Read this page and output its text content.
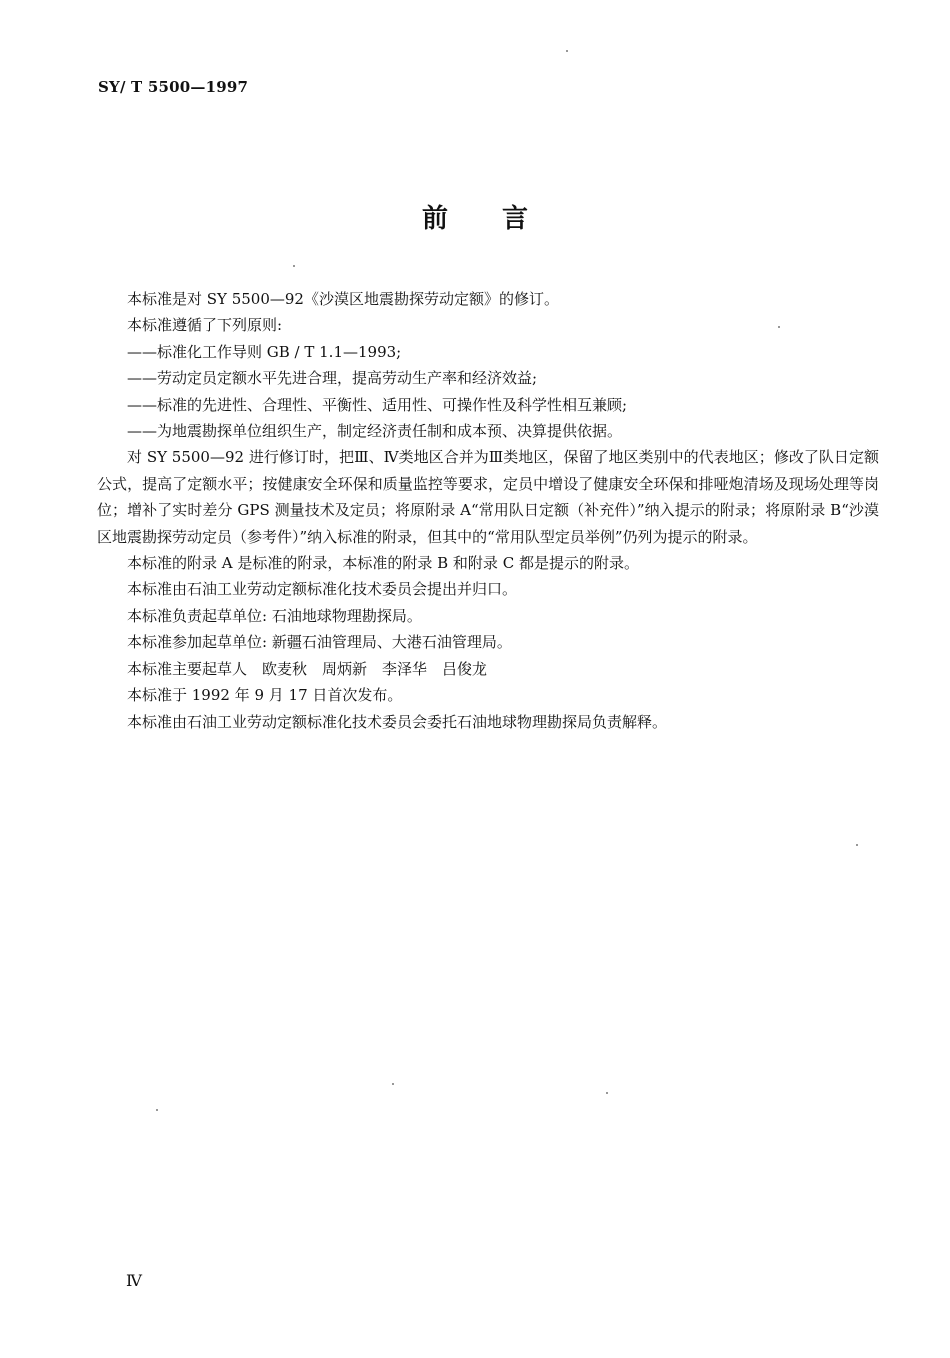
SY/ T 5500—1997
前言

本标准是对 SY 5500—92《沙漠区地震勘探劳动定额》的修订。

本标准遵循了下列原则:

——标准化工作导则 GB / T 1.1—1993;

——劳动定员定额水平先进合理，提高劳动生产率和经济效益;

——标准的先进性、合理性、平衡性、适用性、可操作性及科学性相互兼顾;

——为地震勘探单位组织生产，制定经济责任制和成本预、决算提供依据。

对 SY 5500—92 进行修订时，把Ⅲ、Ⅳ类地区合并为Ⅲ类地区，保留了地区类别中的代表地区；修改了队日定额公式，提高了定额水平；按健康安全环保和质量监控等要求，定员中增设了健康安全环保和排哑炮清场及现场处理等岗位；增补了实时差分 GPS 测量技术及定员；将原附录 A“常用队日定额（补充件）”纳入提示的附录；将原附录 B“沙漠区地震勘探劳动定员（参考件）”纳入标准的附录，但其中的“常用队型定员举例”仍列为提示的附录。

本标准的附录 A 是标准的附录，本标准的附录 B 和附录 C 都是提示的附录。

本标准由石油工业劳动定额标准化技术委员会提出并归口。

本标准负责起草单位: 石油地球物理勘探局。

本标准参加起草单位: 新疆石油管理局、大港石油管理局。

本标准主要起草人　欧麦秋　周炳新　李泽华　吕俊龙

本标准于 1992 年 9 月 17 日首次发布。

本标准由石油工业劳动定额标准化技术委员会委托石油地球物理勘探局负责解释。

Ⅳ
